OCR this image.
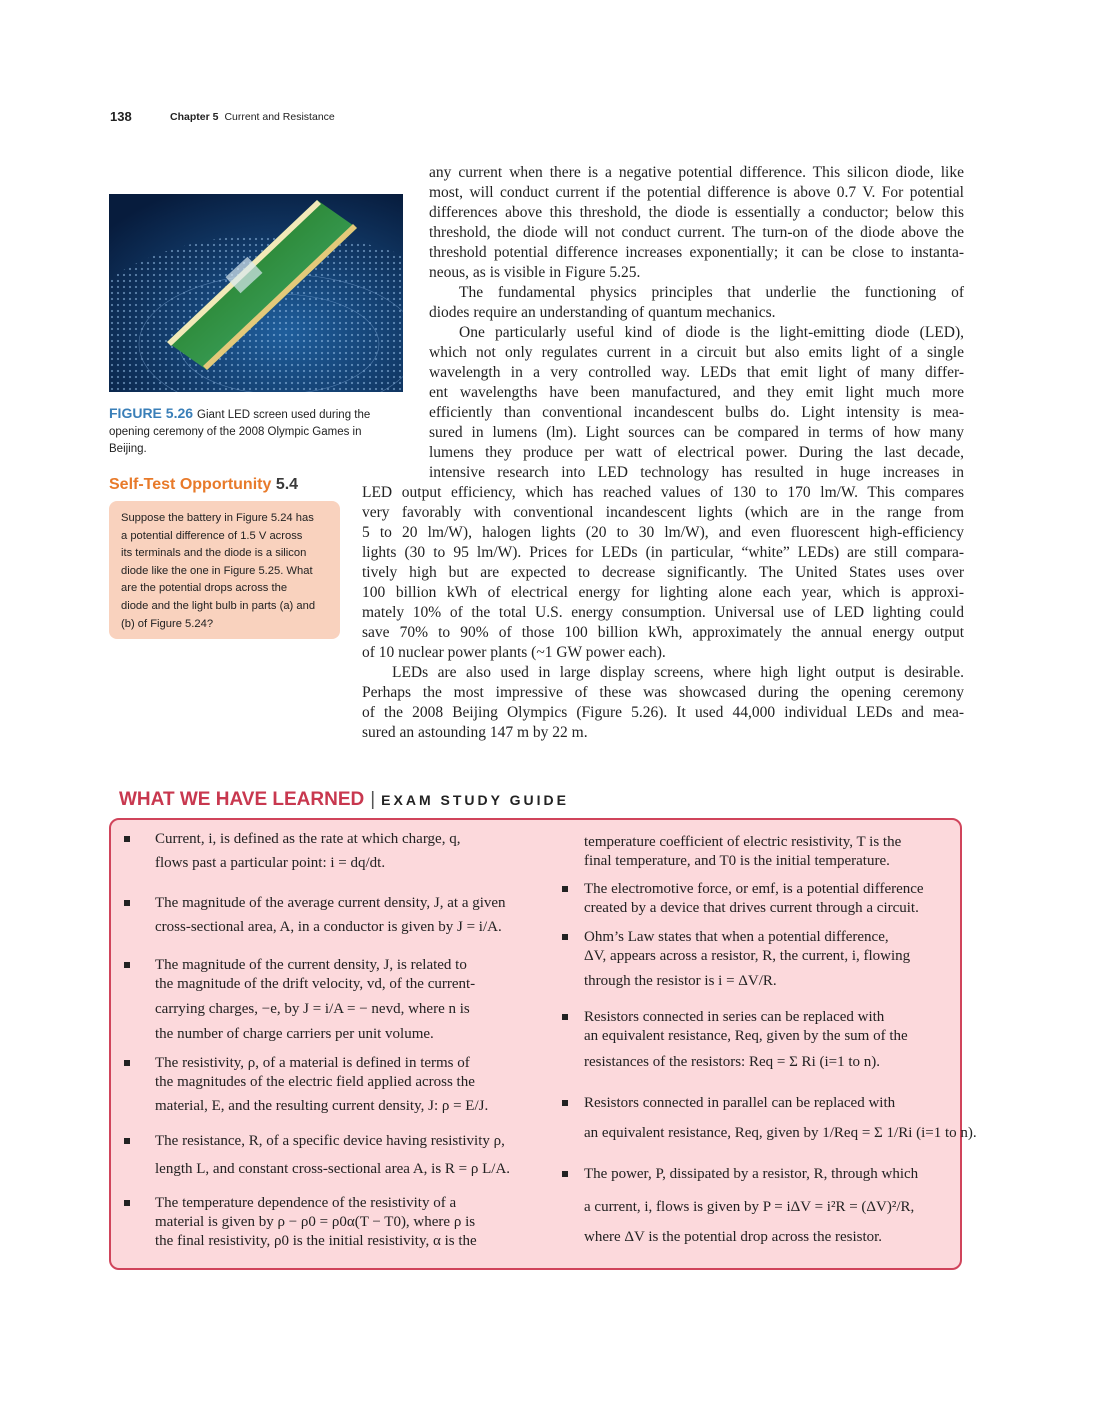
138	Chapter 5 Current and Resistance
FIGURE 5.26 Giant LED screen used during the
opening ceremony of the 2008 Olympic Games in
Beijing.
Self-Test Opportunity 5.4
Suppose the battery in Figure 5.24 has
a potential difference of 1.5 V across
its terminals and the diode is a silicon
diode like the one in Figure 5.25. What
are the potential drops across the
diode and the light bulb in parts (a) and
(b) of Figure 5.24?
any current when there is a negative potential difference. This silicon diode, like
most, will conduct current if the potential difference is above 0.7 V. For potential
differences above this threshold, the diode is essentially a conductor; below this
threshold, the diode will not conduct current. The turn-on of the diode above the
threshold potential difference increases exponentially; it can be close to instanta-
neous, as is visible in Figure 5.25.
The fundamental physics principles that underlie the functioning of
diodes require an understanding of quantum mechanics.
One particularly useful kind of diode is the light-emitting diode (LED),
which not only regulates current in a circuit but also emits light of a single
wavelength in a very controlled way. LEDs that emit light of many differ-
ent wavelengths have been manufactured, and they emit light much more
efficiently than conventional incandescent bulbs do. Light intensity is mea-
sured in lumens (lm). Light sources can be compared in terms of how many
lumens they produce per watt of electrical power. During the last decade,
intensive research into LED technology has resulted in huge increases in
LED output efficiency, which has reached values of 130 to 170 lm/W. This compares
very favorably with conventional incandescent lights (which are in the range from
5 to 20 lm/W), halogen lights (20 to 30 lm/W), and even fluorescent high-efficiency
lights (30 to 95 lm/W). Prices for LEDs (in particular, “white” LEDs) are still compara-
tively high but are expected to decrease significantly. The United States uses over
100 billion kWh of electrical energy for lighting alone each year, which is approxi-
mately 10% of the total U.S. energy consumption. Universal use of LED lighting could
save 70% to 90% of those 100 billion kWh, approximately the annual energy output
of 10 nuclear power plants (~1 GW power each).
LEDs are also used in large display screens, where high light output is desirable.
Perhaps the most impressive of these was showcased during the opening ceremony
of the 2008 Beijing Olympics (Figure 5.26). It used 44,000 individual LEDs and mea-
sured an astounding 147 m by 22 m.
WHAT WE HAVE LEARNED | EXAM STUDY GUIDE
Current, i, is defined as the rate at which charge, q,
flows past a particular point: i = dq/dt.
The magnitude of the average current density, J, at a given
cross-sectional area, A, in a conductor is given by J = i/A.
The magnitude of the current density, J, is related to
the magnitude of the drift velocity, vd, of the current-
carrying charges, −e, by J = i/A = − nevd, where n is
the number of charge carriers per unit volume.
The resistivity, ρ, of a material is defined in terms of
the magnitudes of the electric field applied across the
material, E, and the resulting current density, J: ρ = E/J.
The resistance, R, of a specific device having resistivity ρ,
length L, and constant cross-sectional area A, is R = ρ L/A.
The temperature dependence of the resistivity of a
material is given by ρ − ρ0 = ρ0α(T − T0), where ρ is
the final resistivity, ρ0 is the initial resistivity, α is the
temperature coefficient of electric resistivity, T is the
final temperature, and T0 is the initial temperature.
The electromotive force, or emf, is a potential difference
created by a device that drives current through a circuit.
Ohm’s Law states that when a potential difference,
ΔV, appears across a resistor, R, the current, i, flowing
through the resistor is i = ΔV/R.
Resistors connected in series can be replaced with
an equivalent resistance, Req, given by the sum of the
resistances of the resistors: Req = Σ Ri (i=1 to n).
Resistors connected in parallel can be replaced with
an equivalent resistance, Req, given by 1/Req = Σ 1/Ri (i=1 to n).
The power, P, dissipated by a resistor, R, through which
a current, i, flows is given by P = iΔV = i²R = (ΔV)²/R,
where ΔV is the potential drop across the resistor.
